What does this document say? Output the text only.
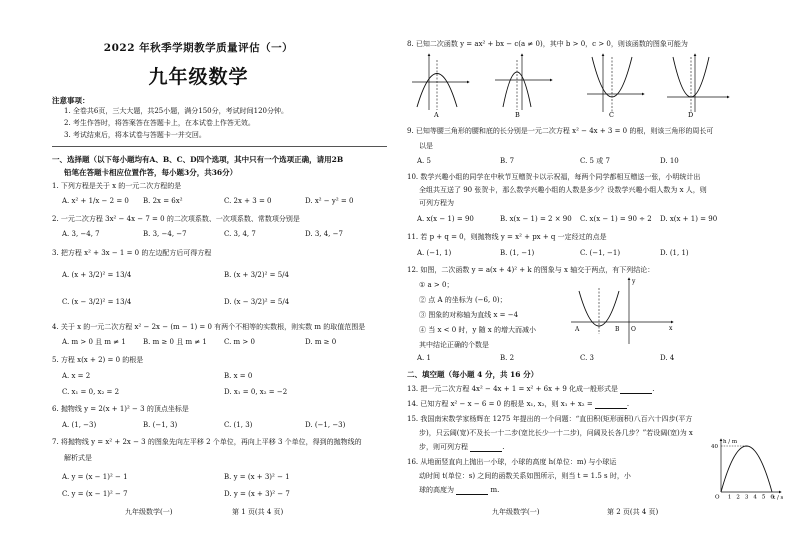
2022 年秋季学期教学质量评估（一）
九年级数学
注意事项：
1. 全卷共6页，三大大题，共25小题，满分150分，考试时间120分钟。
2. 考生作答时，将答案答在答题卡上，在本试卷上作答无效。
3. 考试结束后，将本试卷与答题卡一并交回。
一、选择题（以下每小题均有A、B、C、D四个选项，其中只有一个选项正确，请用2B
铅笔在答题卡相应位置作答，每小题3分，共36分）
1. 下列方程是关于 x 的一元二次方程的是
A. x² + 1/x − 2 = 0 B. 2x = 6x²	C. 2x + 3 = 0	D. x² − y² = 0
2. 一元二次方程 3x² − 4x − 7 = 0 的二次项系数、一次项系数、常数项分别是
A. 3, −4, 7	B. 3, −4, −7	C. 3, 4, 7	D. 3, 4, −7
3. 把方程 x² + 3x − 1 = 0 的左边配方后可得方程
A. (x + 3/2)² = 13/4	B. (x + 3/2)² = 5/4
C. (x − 3/2)² = 13/4	D. (x − 3/2)² = 5/4
4. 关于 x 的一元二次方程 x² − 2x − (m − 1) = 0 有两个不相等的实数根，则实数 m 的取值范围是
A. m > 0 且 m ≠ 1 B. m ≥ 0 且 m ≠ 1 C. m > 0	D. m ≥ 0
5. 方程 x(x + 2) = 0 的根是
A. x = 2	B. x = 0
C. x₁ = 0, x₂ = 2	D. x₁ = 0, x₂ = −2
6. 抛物线 y = 2(x + 1)² − 3 的顶点坐标是
A. (1, −3)	B. (−1, 3)	C. (1, 3)	D. (−1, −3)
7. 将抛物线 y = x² + 2x − 3 的图象先向左平移 2 个单位，再向上平移 3 个单位，得到的抛物线的
解析式是
A. y = (x − 1)² − 1	B. y = (x + 3)² − 1
C. y = (x − 1)² − 7	D. y = (x + 3)² − 7
九年级数学(一)	第 1 页(共 4 页)
8. 已知二次函数 y = ax² + bx − c(a ≠ 0)，其中 b > 0，c > 0，则该函数的图象可能为
A	B	C	D
9. 已知等腰三角形的腰和底的长分别是一元二次方程 x² − 4x + 3 = 0 的根，则该三角形的周长可
以是
A. 5	B. 7	C. 5 或 7	D. 10
10. 数学兴趣小组的同学在中秋节互赠贺卡以示祝福，每两个同学都相互赠送一张，小明统计出
全组共互送了 90 张贺卡，那么数学兴趣小组的人数是多少？设数学兴趣小组人数为 x 人，则
可列方程为
A. x(x − 1) = 90	B. x(x − 1) = 2 × 90 C. x(x − 1) = 90 ÷ 2 D. x(x + 1) = 90
11. 若 p + q = 0，则抛物线 y = x² + px + q 一定经过的点是
A. (−1, 1)	B. (1, −1)	C. (−1, −1)	D. (1, 1)
12. 如图，二次函数 y = a(x + 4)² + k 的图象与 x 轴交于两点，有下列结论：
① a > 0；
② 点 A 的坐标为 (−6, 0)；
③ 图象的对称轴为直线 x = −4
④ 当 x < 0 时，y 随 x 的增大而减小
其中结论正确的个数是
A	B O	x
y
A. 1	B. 2	C. 3	D. 4
二、填空题（每小题 4 分，共 16 分）
13. 把一元二次方程 4x² − 4x + 1 = x² + 6x + 9 化成一般形式是	.
14. 已知方程 x² − x − 6 = 0 的根是 x₁, x₂，则 x₁ + x₂ =	.
15. 我国南宋数学家杨辉在 1275 年提出的一个问题：“直田积(矩形面积)八百六十四步(平方
步)，只云阔(宽)不及长一十二步(宽比长少一十二步)，问阔及长各几步？”若设阔(宽)为 x
步，则可列方程	.
16. 从地面竖直向上抛出一小球，小球的高度 h(单位：m) 与小球运
动时间 t(单位：s) 之间的函数关系如图所示，则当 t = 1.5 s 时，小
球的高度为	m.
h / m
t / s
40
O 1 2 3 4 5 6
九年级数学(一)	第 2 页(共 4 页)
